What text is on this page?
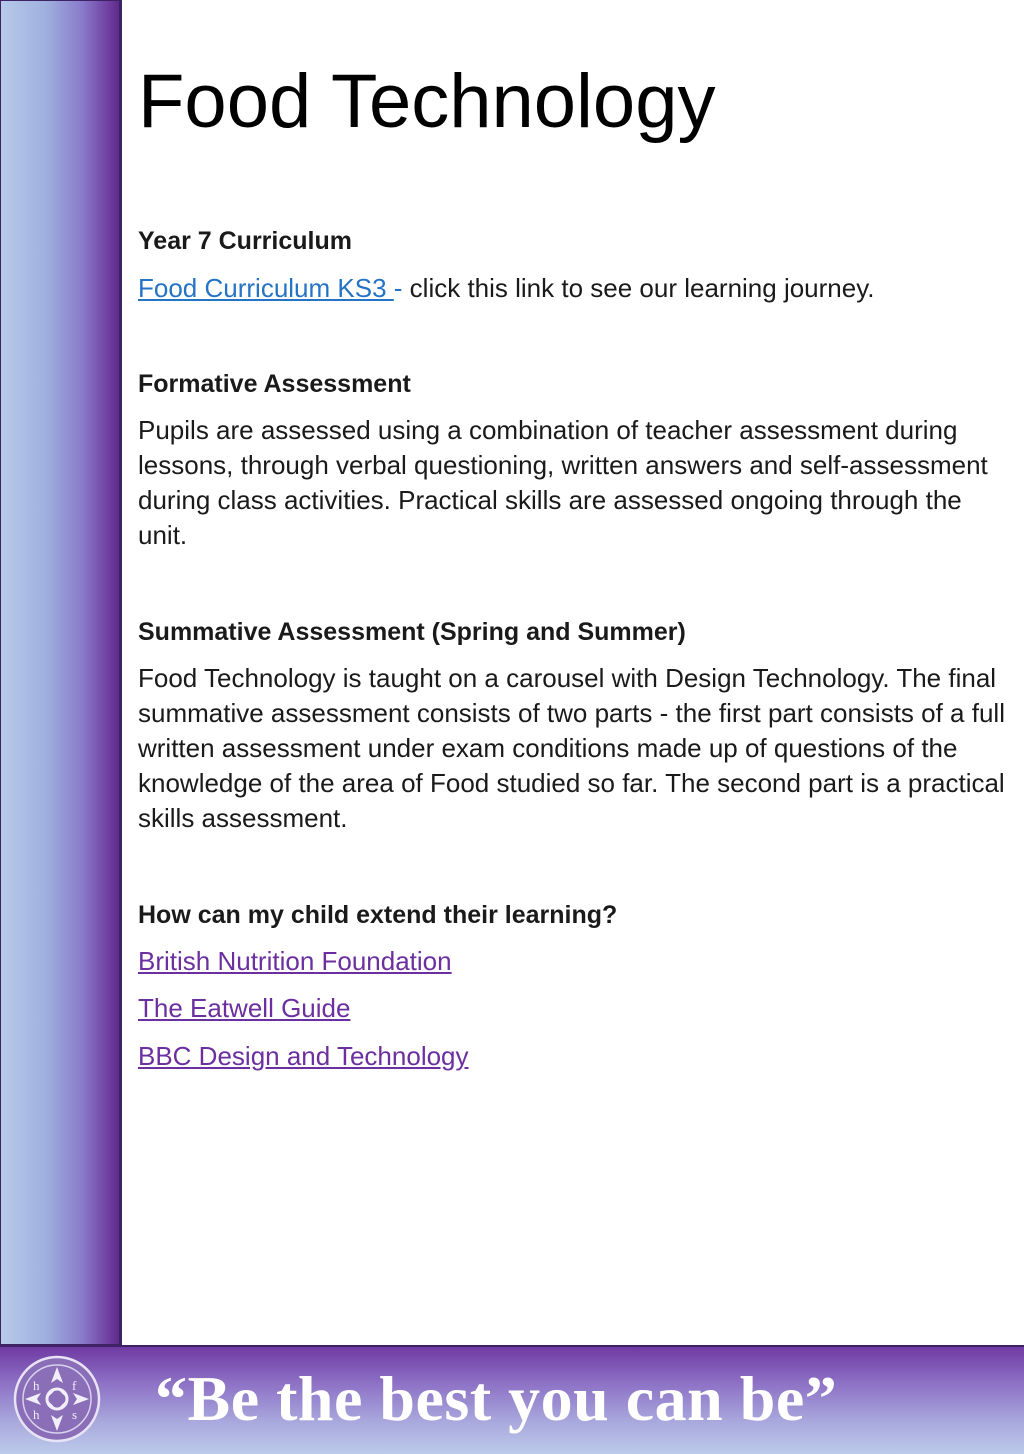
Food Technology
Year 7 Curriculum
Food Curriculum KS3 - click this link to see our learning journey.
Formative Assessment

Pupils are assessed using a combination of teacher assessment during lessons, through verbal questioning, written answers and self-assessment during class activities. Practical skills are assessed ongoing through the unit.

Summative Assessment (Spring and Summer)

Food Technology is taught on a carousel with Design Technology. The final summative assessment consists of two parts - the first part consists of a full written assessment under exam conditions made up of questions of the knowledge of the area of Food studied so far. The second part is a practical skills assessment.

How can my child extend their learning?
British Nutrition Foundation
The Eatwell Guide
BBC Design and Technology
h	f
h	s “Be the best you can be”
